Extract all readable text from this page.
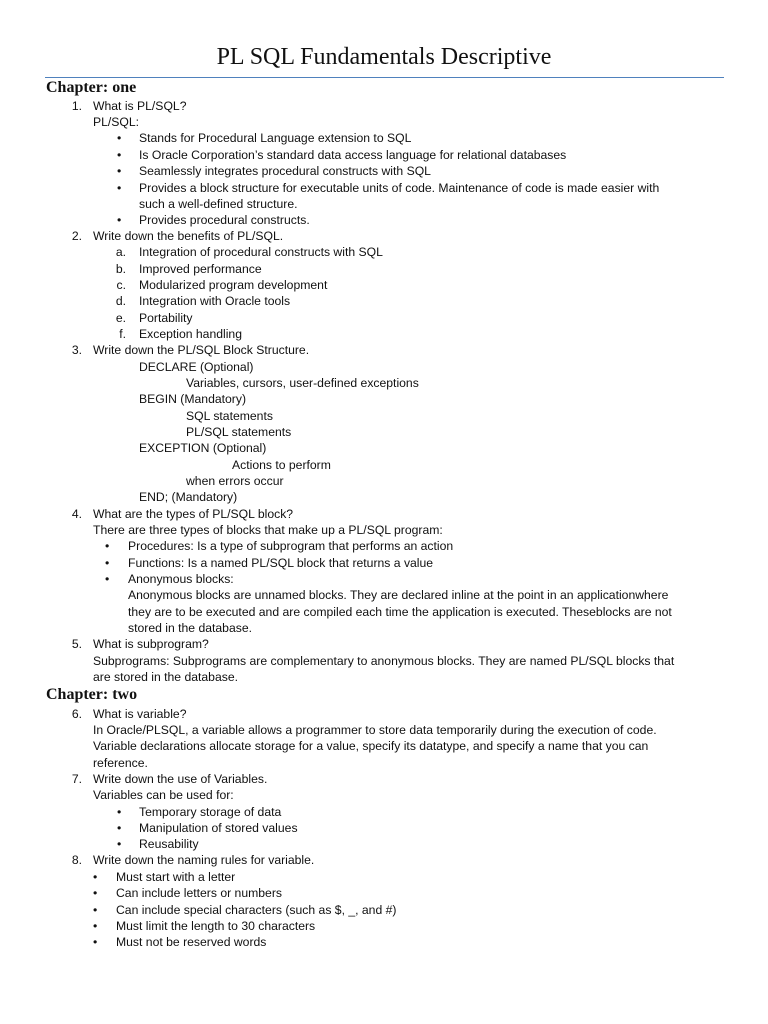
PL SQL Fundamentals Descriptive
Chapter: one
1. What is PL/SQL?
PL/SQL:
• Stands for Procedural Language extension to SQL
• Is Oracle Corporation’s standard data access language for relational databases
• Seamlessly integrates procedural constructs with SQL
• Provides a block structure for executable units of code. Maintenance of code is made easier with
such a well-defined structure.
• Provides procedural constructs.
2. Write down the benefits of PL/SQL.
a. Integration of procedural constructs with SQL
b. Improved performance
c. Modularized program development
d. Integration with Oracle tools
e. Portability
f. Exception handling
3. Write down the PL/SQL Block Structure.
DECLARE (Optional)
Variables, cursors, user-defined exceptions
BEGIN (Mandatory)
SQL statements
PL/SQL statements
EXCEPTION (Optional)
Actions to perform
when errors occur
END; (Mandatory)
4. What are the types of PL/SQL block?
There are three types of blocks that make up a PL/SQL program:
• Procedures: Is a type of subprogram that performs an action
• Functions: Is a named PL/SQL block that returns a value
• Anonymous blocks:
Anonymous blocks are unnamed blocks. They are declared inline at the point in an applicationwhere
they are to be executed and are compiled each time the application is executed. Theseblocks are not
stored in the database.
5. What is subprogram?
Subprograms: Subprograms are complementary to anonymous blocks. They are named PL/SQL blocks that
are stored in the database.
Chapter: two
6. What is variable?
In Oracle/PLSQL, a variable allows a programmer to store data temporarily during the execution of code.
Variable declarations allocate storage for a value, specify its datatype, and specify a name that you can
reference.
7. Write down the use of Variables.
Variables can be used for:
• Temporary storage of data
• Manipulation of stored values
• Reusability
8. Write down the naming rules for variable.
• Must start with a letter
• Can include letters or numbers
• Can include special characters (such as $, _, and #)
• Must limit the length to 30 characters
• Must not be reserved words
